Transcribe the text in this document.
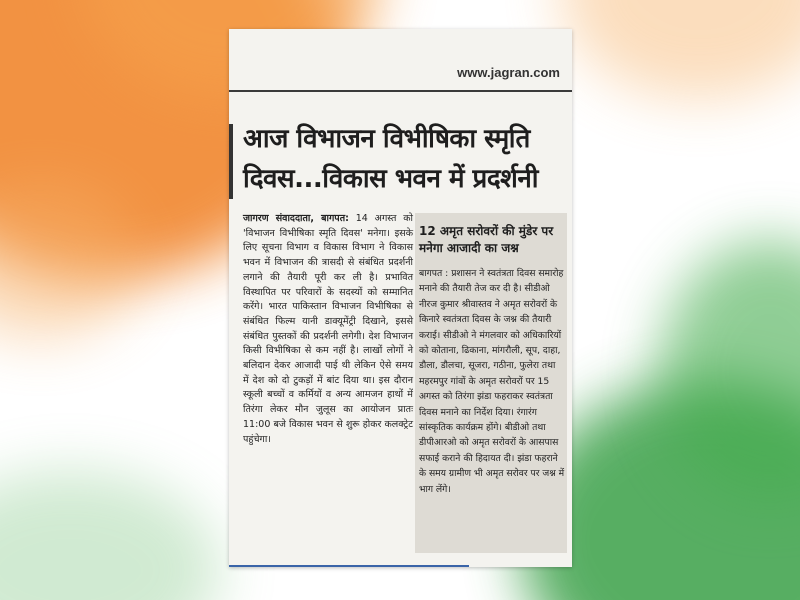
www.jagran.com
आज विभाजन विभीषिका स्मृति
दिवस...विकास भवन में प्रदर्शनी
जागरण संवाददाता, बागपत: 14 अगस्त को 'विभाजन विभीषिका स्मृति दिवस' मनेगा। इसके लिए सूचना विभाग व विकास विभाग ने विकास भवन में विभाजन की त्रासदी से संबंधित प्रदर्शनी लगाने की तैयारी पूरी कर ली है। प्रभावित विस्थापित पर परिवारों के सदस्यों को सम्मानित करेंगे। भारत पाकिस्तान विभाजन विभीषिका से संबंधित फिल्म यानी डाक्यूमेंट्री दिखाने, इससे संबंधित पुस्तकों की प्रदर्शनी लगेगी। देश विभाजन किसी विभीषिका से कम नहीं है। लाखों लोगों ने बलिदान देकर आजादी पाई थी लेकिन ऐसे समय में देश को दो टुकड़ों में बांट दिया था। इस दौरान स्कूली बच्चों व कर्मियों व अन्य आमजन हाथों में तिरंगा लेकर मौन जुलूस का आयोजन प्रातः 11:00 बजे विकास भवन से शुरू होकर कलक्ट्रेट पहुंचेगा।
12 अमृत सरोवरों की मुंडेर पर मनेगा आजादी का जश्न
बागपत : प्रशासन ने स्वतंत्रता दिवस समारोह मनाने की तैयारी तेज कर दी है। सीडीओ नीरज कुमार श्रीवास्तव ने अमृत सरोवरों के किनारे स्वतंत्रता दिवस के जश्न की तैयारी कराई। सीडीओ ने मंगलवार को अधिकारियों को कोताना, ढिकाना, मांगरौली, सूप, दाहा, डौला, डौलचा, सूजरा, गठीना, फुलेरा तथा महरमपुर गांवों के अमृत सरोवरों पर 15 अगस्त को तिरंगा झंडा फहराकर स्वतंत्रता दिवस मनाने का निर्देश दिया। रंगारंग सांस्कृतिक कार्यक्रम होंगे। बीडीओ तथा डीपीआरओ को अमृत सरोवरों के आसपास सफाई कराने की हिदायत दी। झंडा फहराने के समय ग्रामीण भी अमृत सरोवर पर जश्न में भाग लेंगे।
